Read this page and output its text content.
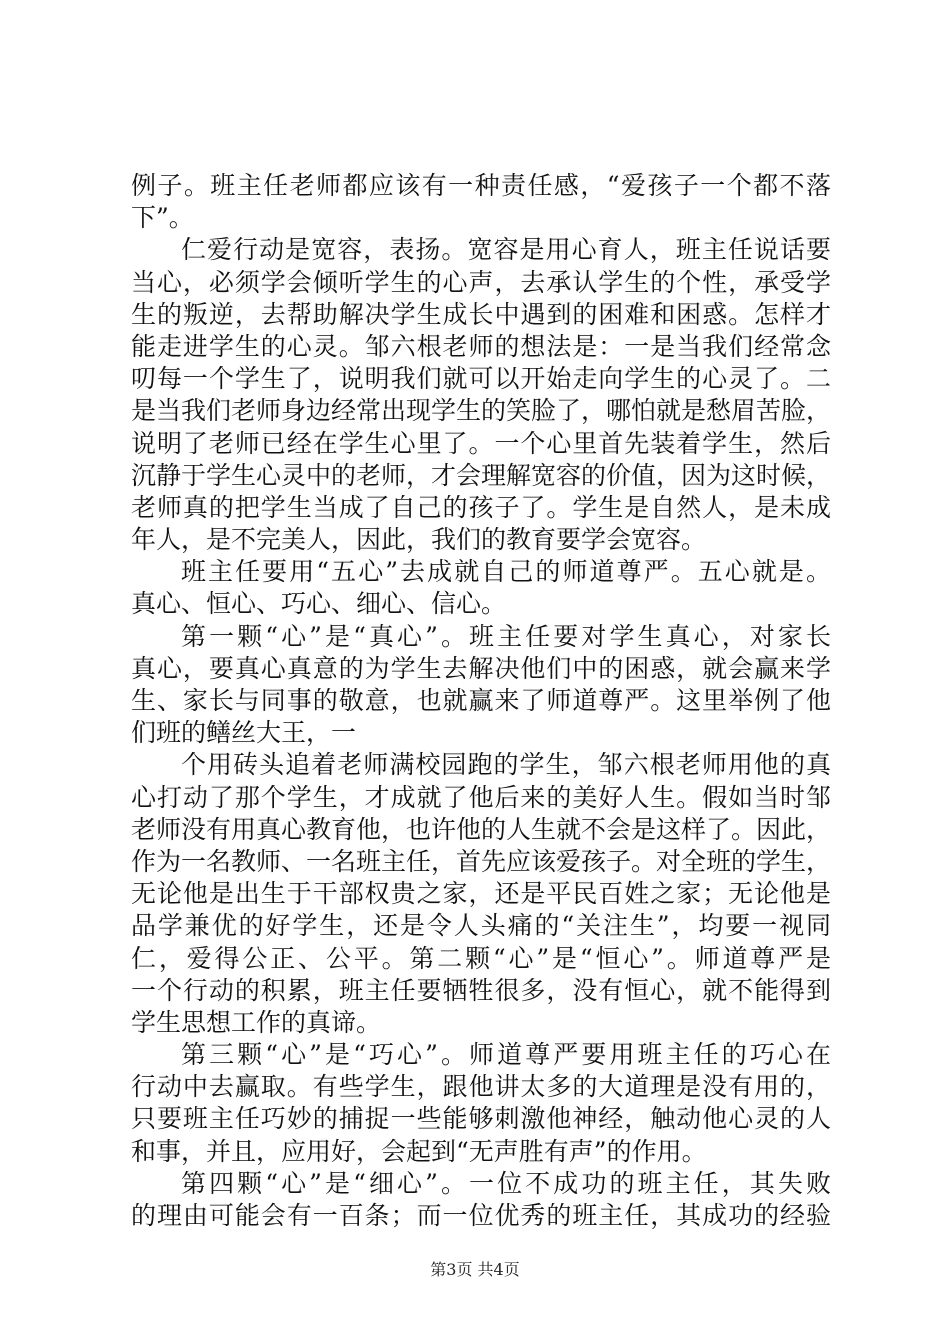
例子。班主任老师都应该有一种责任感，“爱孩子一个都不落
下”。
仁爱行动是宽容，表扬。宽容是用心育人，班主任说话要
当心，必须学会倾听学生的心声，去承认学生的个性，承受学
生的叛逆，去帮助解决学生成长中遇到的困难和困惑。怎样才
能走进学生的心灵。邹六根老师的想法是：一是当我们经常念
叨每一个学生了，说明我们就可以开始走向学生的心灵了。二
是当我们老师身边经常出现学生的笑脸了，哪怕就是愁眉苦脸，
说明了老师已经在学生心里了。一个心里首先装着学生，然后
沉静于学生心灵中的老师，才会理解宽容的价值，因为这时候，
老师真的把学生当成了自己的孩子了。学生是自然人，是未成
年人，是不完美人，因此，我们的教育要学会宽容。
班主任要用“五心”去成就自己的师道尊严。五心就是。
真心、恒心、巧心、细心、信心。
第一颗“心”是“真心”。班主任要对学生真心，对家长
真心，要真心真意的为学生去解决他们中的困惑，就会赢来学
生、家长与同事的敬意，也就赢来了师道尊严。这里举例了他
们班的鳝丝大王，一
个用砖头追着老师满校园跑的学生，邹六根老师用他的真
心打动了那个学生，才成就了他后来的美好人生。假如当时邹
老师没有用真心教育他，也许他的人生就不会是这样了。因此，
作为一名教师、一名班主任，首先应该爱孩子。对全班的学生，
无论他是出生于干部权贵之家，还是平民百姓之家；无论他是
品学兼优的好学生，还是令人头痛的“关注生”，均要一视同
仁，爱得公正、公平。第二颗“心”是“恒心”。师道尊严是
一个行动的积累，班主任要牺牲很多，没有恒心，就不能得到
学生思想工作的真谛。
第三颗“心”是“巧心”。师道尊严要用班主任的巧心在
行动中去赢取。有些学生，跟他讲太多的大道理是没有用的，
只要班主任巧妙的捕捉一些能够刺激他神经，触动他心灵的人
和事，并且，应用好，会起到“无声胜有声”的作用。
第四颗“心”是“细心”。一位不成功的班主任，其失败
的理由可能会有一百条；而一位优秀的班主任，其成功的经验
第3页 共4页
